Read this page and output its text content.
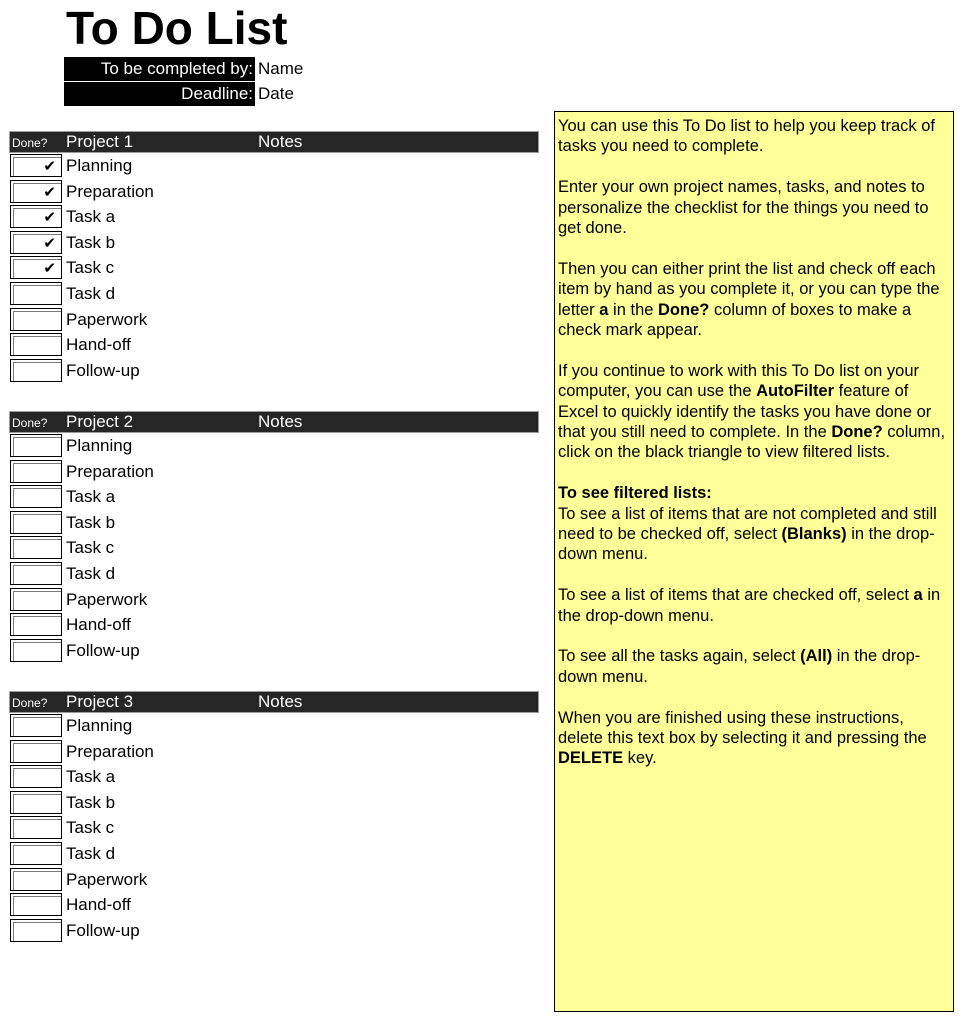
To Do List
To be completed by: Name
Deadline: Date
Done? Project 1	Notes
✔ Planning
✔ Preparation
✔ Task a
✔ Task b
✔ Task c
Task d
Paperwork
Hand-off
Follow-up
Done? Project 2	Notes
Planning
Preparation
Task a
Task b
Task c
Task d
Paperwork
Hand-off
Follow-up
Done? Project 3	Notes
Planning
Preparation
Task a
Task b
Task c
Task d
Paperwork
Hand-off
Follow-up

You can use this To Do list to help you keep track of tasks you need to complete.

Enter your own project names, tasks, and notes to personalize the checklist for the things you need to get done.

Then you can either print the list and check off each item by hand as you complete it, or you can type the letter a in the Done? column of boxes to make a check mark appear.

If you continue to work with this To Do list on your computer, you can use the AutoFilter feature of Excel to quickly identify the tasks you have done or that you still need to complete. In the Done? column, click on the black triangle to view filtered lists.

To see filtered lists:

To see a list of items that are not completed and still need to be checked off, select (Blanks) in the drop-down menu.

To see a list of items that are checked off, select a in the drop-down menu.

To see all the tasks again, select (All) in the drop-down menu.

When you are finished using these instructions, delete this text box by selecting it and pressing the DELETE key.
